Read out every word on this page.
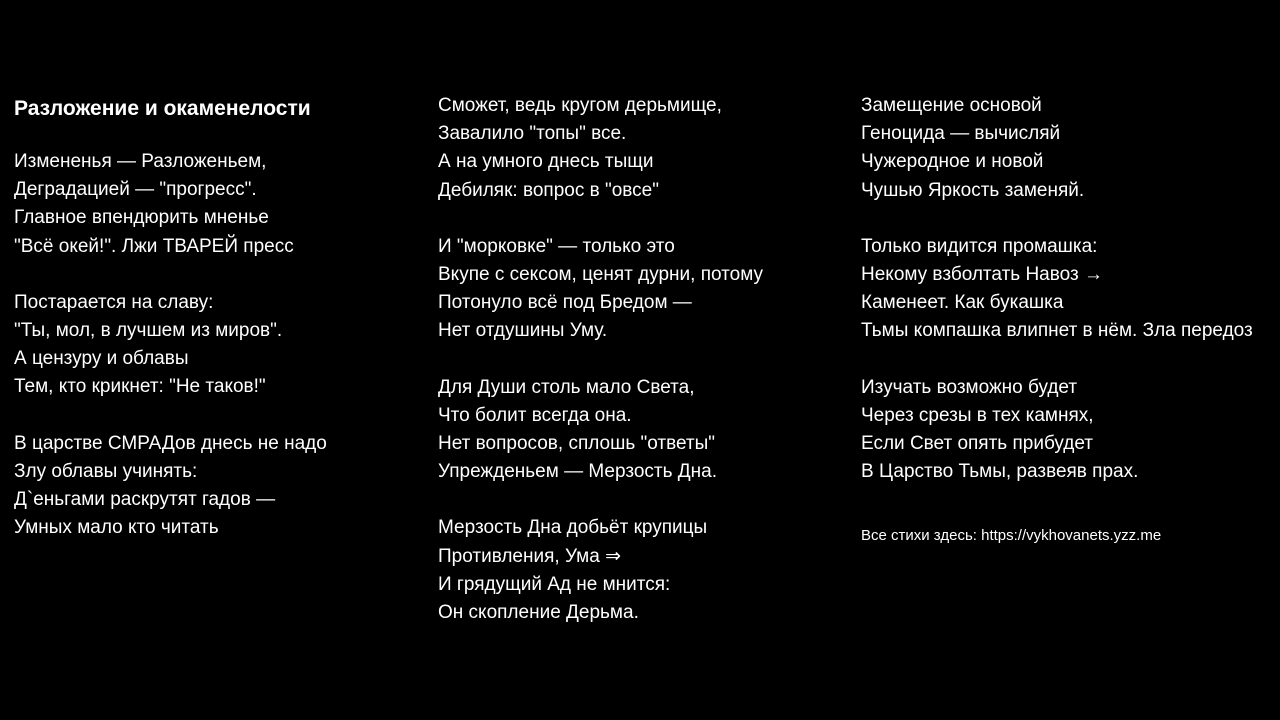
Разложение и окаменелости
Измененья — Разложеньем,
Деградацией — "прогресс".
Главное впендюрить мненье
"Всё окей!". Лжи ТВАРЕЙ пресс
Постарается на славу:
"Ты, мол, в лучшем из миров".
А цензуру и облавы
Тем, кто крикнет: "Не таков!"
В царстве СМРАДов днесь не надо
Злу облавы учинять:
Д`еньгами раскрутят гадов —
Умных мало кто читать
Сможет, ведь кругом дерьмище,
Завалило "топы" все.
А на умного днесь тыщи
Дебиляк: вопрос в "овсе"
И "морковке" — только это
Вкупе с сексом, ценят дурни, потому
Потонуло всё под Бредом —
Нет отдушины Уму.
Для Души столь мало Света,
Что болит всегда она.
Нет вопросов, сплошь "ответы"
Упрежденьем — Мерзость Дна.
Мерзость Дна добьёт крупицы
Противления, Ума ⇒
И грядущий Ад не мнится:
Он скопление Дерьма.
Замещение основой
Геноцида — вычисляй
Чужеродное и новой
Чушью Яркость заменяй.
Только видится промашка:
Некому взболтать Навоз →
Каменеет. Как букашка
Тьмы компашка влипнет в нём. Зла передоз
Изучать возможно будет
Через срезы в тех камнях,
Если Свет опять прибудет
В Царство Тьмы, развеяв прах.
Все стихи здесь: https://vykhovanets.yzz.me
